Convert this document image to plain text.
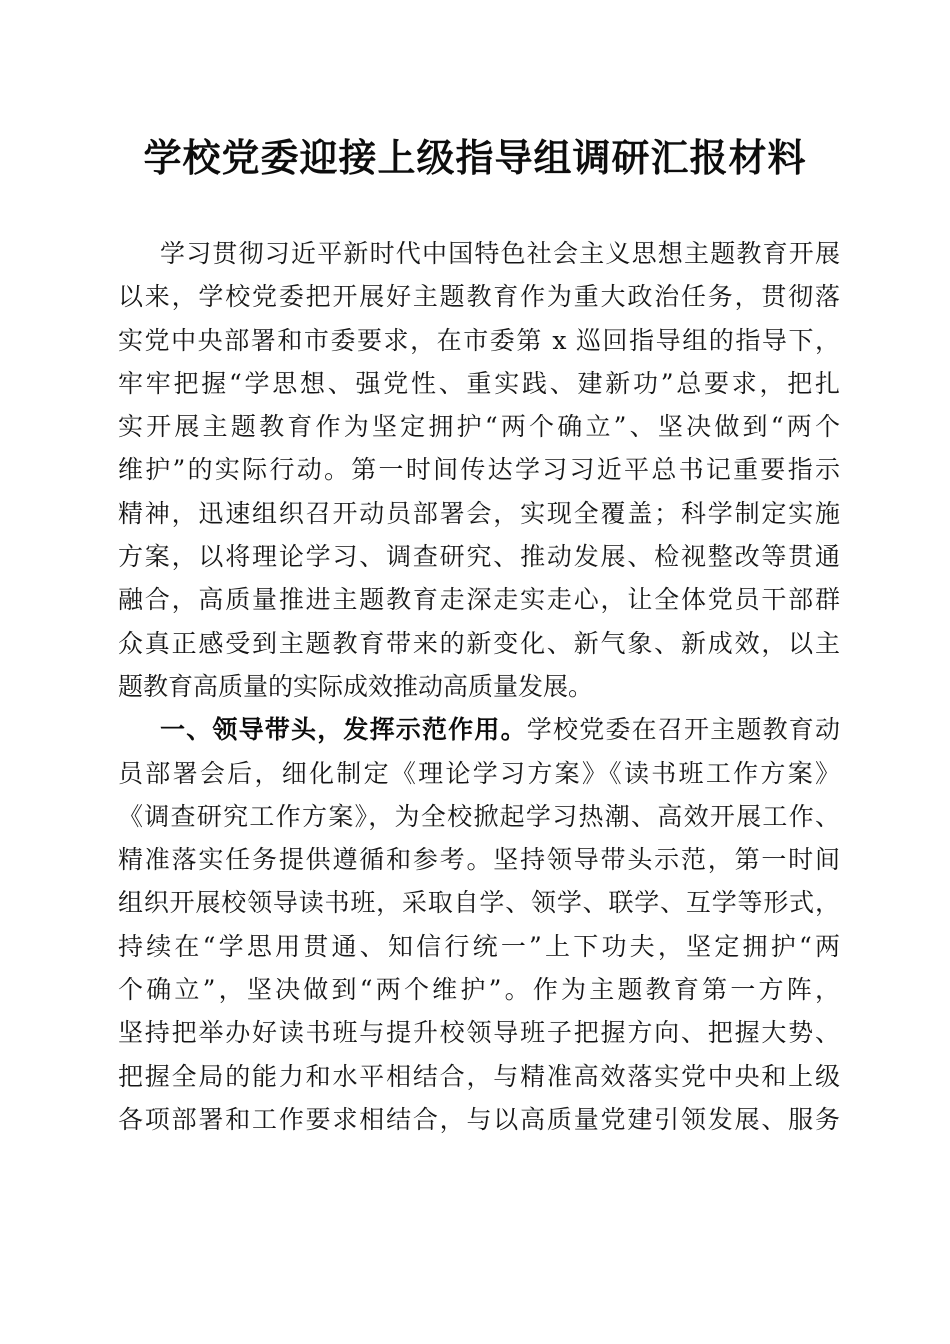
学校党委迎接上级指导组调研汇报材料
学习贯彻习近平新时代中国特色社会主义思想主题教育开展
以来，学校党委把开展好主题教育作为重大政治任务，贯彻落
实党中央部署和市委要求，在市委第 x 巡回指导组的指导下，
牢牢把握“学思想、强党性、重实践、建新功”总要求，把扎
实开展主题教育作为坚定拥护“两个确立”、坚决做到“两个
维护”的实际行动。第一时间传达学习习近平总书记重要指示
精神，迅速组织召开动员部署会，实现全覆盖；科学制定实施
方案，以将理论学习、调查研究、推动发展、检视整改等贯通
融合，高质量推进主题教育走深走实走心，让全体党员干部群
众真正感受到主题教育带来的新变化、新气象、新成效，以主
题教育高质量的实际成效推动高质量发展。
一、领导带头，发挥示范作用。学校党委在召开主题教育动
员部署会后，细化制定《理论学习方案》《读书班工作方案》
《调查研究工作方案》，为全校掀起学习热潮、高效开展工作、
精准落实任务提供遵循和参考。坚持领导带头示范，第一时间
组织开展校领导读书班，采取自学、领学、联学、互学等形式，
持续在“学思用贯通、知信行统一”上下功夫，坚定拥护“两
个确立”，坚决做到“两个维护”。作为主题教育第一方阵，
坚持把举办好读书班与提升校领导班子把握方向、把握大势、
把握全局的能力和水平相结合，与精准高效落实党中央和上级
各项部署和工作要求相结合，与以高质量党建引领发展、服务
